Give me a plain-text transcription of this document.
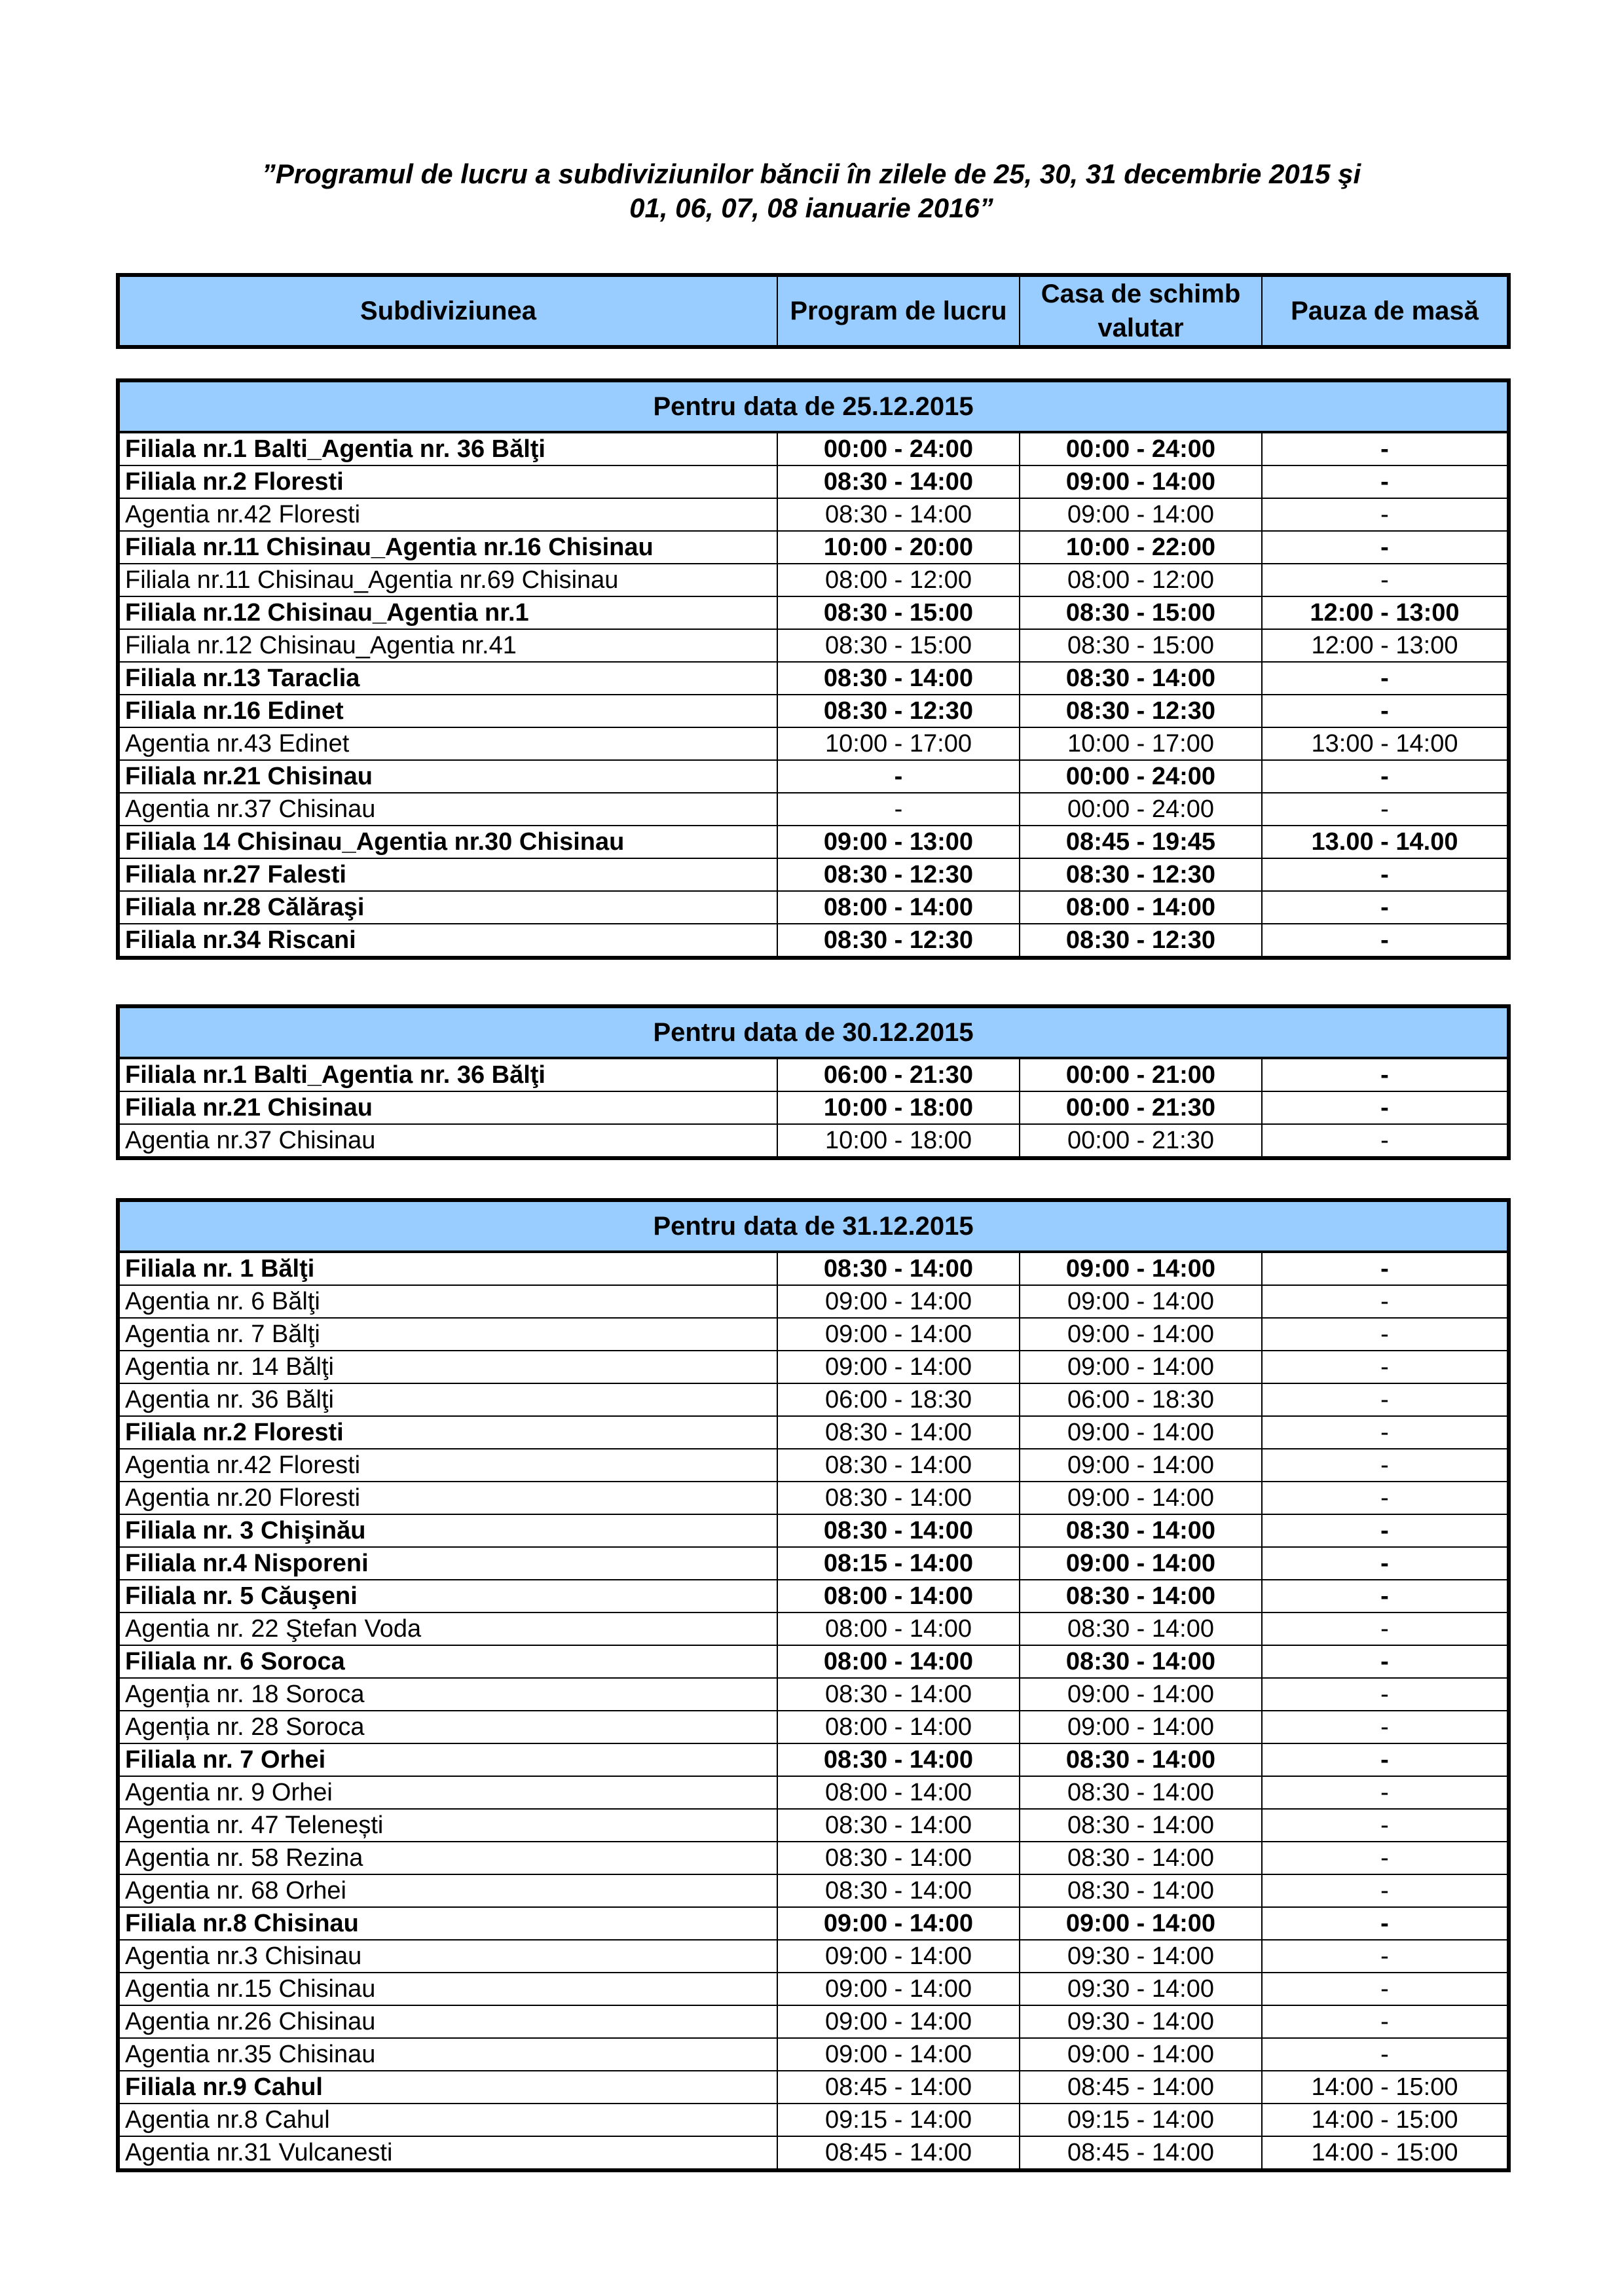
”Programul de lucru a subdiviziunilor băncii în zilele de 25, 30, 31 decembrie 2015 şi
01, 06, 07, 08 ianuarie 2016”
Subdiviziunea	Program de lucru	Casa de schimb valutar	Pauza de masă
Pentru data de 25.12.2015			
Filiala nr.1 Balti_Agentia nr. 36 Bălţi	00:00 - 24:00	00:00 - 24:00	-
Filiala nr.2 Floresti	08:30 - 14:00	09:00 - 14:00	-
Agentia nr.42 Floresti	08:30 - 14:00	09:00 - 14:00	-
Filiala nr.11 Chisinau_Agentia nr.16 Chisinau	10:00 - 20:00	10:00 - 22:00	-
Filiala nr.11 Chisinau_Agentia nr.69 Chisinau	08:00 - 12:00	08:00 - 12:00	-
Filiala nr.12 Chisinau_Agentia nr.1	08:30 - 15:00	08:30 - 15:00	12:00 - 13:00
Filiala nr.12 Chisinau_Agentia nr.41	08:30 - 15:00	08:30 - 15:00	12:00 - 13:00
Filiala nr.13 Taraclia	08:30 - 14:00	08:30 - 14:00	-
Filiala nr.16 Edinet	08:30 - 12:30	08:30 - 12:30	-
Agentia nr.43 Edinet	10:00 - 17:00	10:00 - 17:00	13:00 - 14:00
Filiala nr.21 Chisinau	-	00:00 - 24:00	-
Agentia nr.37 Chisinau	-	00:00 - 24:00	-
Filiala 14 Chisinau_Agentia nr.30 Chisinau	09:00 - 13:00	08:45 - 19:45	13.00 - 14.00
Filiala nr.27 Falesti	08:30 - 12:30	08:30 - 12:30	-
Filiala nr.28 Călăraşi	08:00 - 14:00	08:00 - 14:00	-
Filiala nr.34 Riscani	08:30 - 12:30	08:30 - 12:30	-
Pentru data de 30.12.2015			
Filiala nr.1 Balti_Agentia nr. 36 Bălţi	06:00 - 21:30	00:00 - 21:00	-
Filiala nr.21 Chisinau	10:00 - 18:00	00:00 - 21:30	-
Agentia nr.37 Chisinau	10:00 - 18:00	00:00 - 21:30	-
Pentru data de 31.12.2015			
Filiala nr. 1 Bălţi	08:30 - 14:00	09:00 - 14:00	-
Agentia nr. 6 Bălţi	09:00 - 14:00	09:00 - 14:00	-
Agentia nr. 7 Bălţi	09:00 - 14:00	09:00 - 14:00	-
Agentia nr. 14 Bălţi	09:00 - 14:00	09:00 - 14:00	-
Agentia nr. 36 Bălţi	06:00 - 18:30	06:00 - 18:30	-
Filiala nr.2 Floresti	08:30 - 14:00	09:00 - 14:00	-
Agentia nr.42 Floresti	08:30 - 14:00	09:00 - 14:00	-
Agentia nr.20 Floresti	08:30 - 14:00	09:00 - 14:00	-
Filiala nr. 3 Chişinău	08:30 - 14:00	08:30 - 14:00	-
Filiala nr.4 Nisporeni	08:15 - 14:00	09:00 - 14:00	-
Filiala nr. 5 Căuşeni	08:00 - 14:00	08:30 - 14:00	-
Agentia nr. 22 Ştefan Voda	08:00 - 14:00	08:30 - 14:00	-
Filiala nr. 6 Soroca	08:00 - 14:00	08:30 - 14:00	-
Agenția nr. 18 Soroca	08:30 - 14:00	09:00 - 14:00	-
Agenția nr. 28 Soroca	08:00 - 14:00	09:00 - 14:00	-
Filiala nr. 7 Orhei	08:30 - 14:00	08:30 - 14:00	-
Agentia nr. 9 Orhei	08:00 - 14:00	08:30 - 14:00	-
Agentia nr. 47 Telenești	08:30 - 14:00	08:30 - 14:00	-
Agentia nr. 58 Rezina	08:30 - 14:00	08:30 - 14:00	-
Agentia nr. 68 Orhei	08:30 - 14:00	08:30 - 14:00	-
Filiala nr.8 Chisinau	09:00 - 14:00	09:00 - 14:00	-
Agentia nr.3 Chisinau	09:00 - 14:00	09:30 - 14:00	-
Agentia nr.15 Chisinau	09:00 - 14:00	09:30 - 14:00	-
Agentia nr.26 Chisinau	09:00 - 14:00	09:30 - 14:00	-
Agentia nr.35 Chisinau	09:00 - 14:00	09:00 - 14:00	-
Filiala nr.9 Cahul	08:45 - 14:00	08:45 - 14:00	14:00 - 15:00
Agentia nr.8 Cahul	09:15 - 14:00	09:15 - 14:00	14:00 - 15:00
Agentia nr.31 Vulcanesti	08:45 - 14:00	08:45 - 14:00	14:00 - 15:00
